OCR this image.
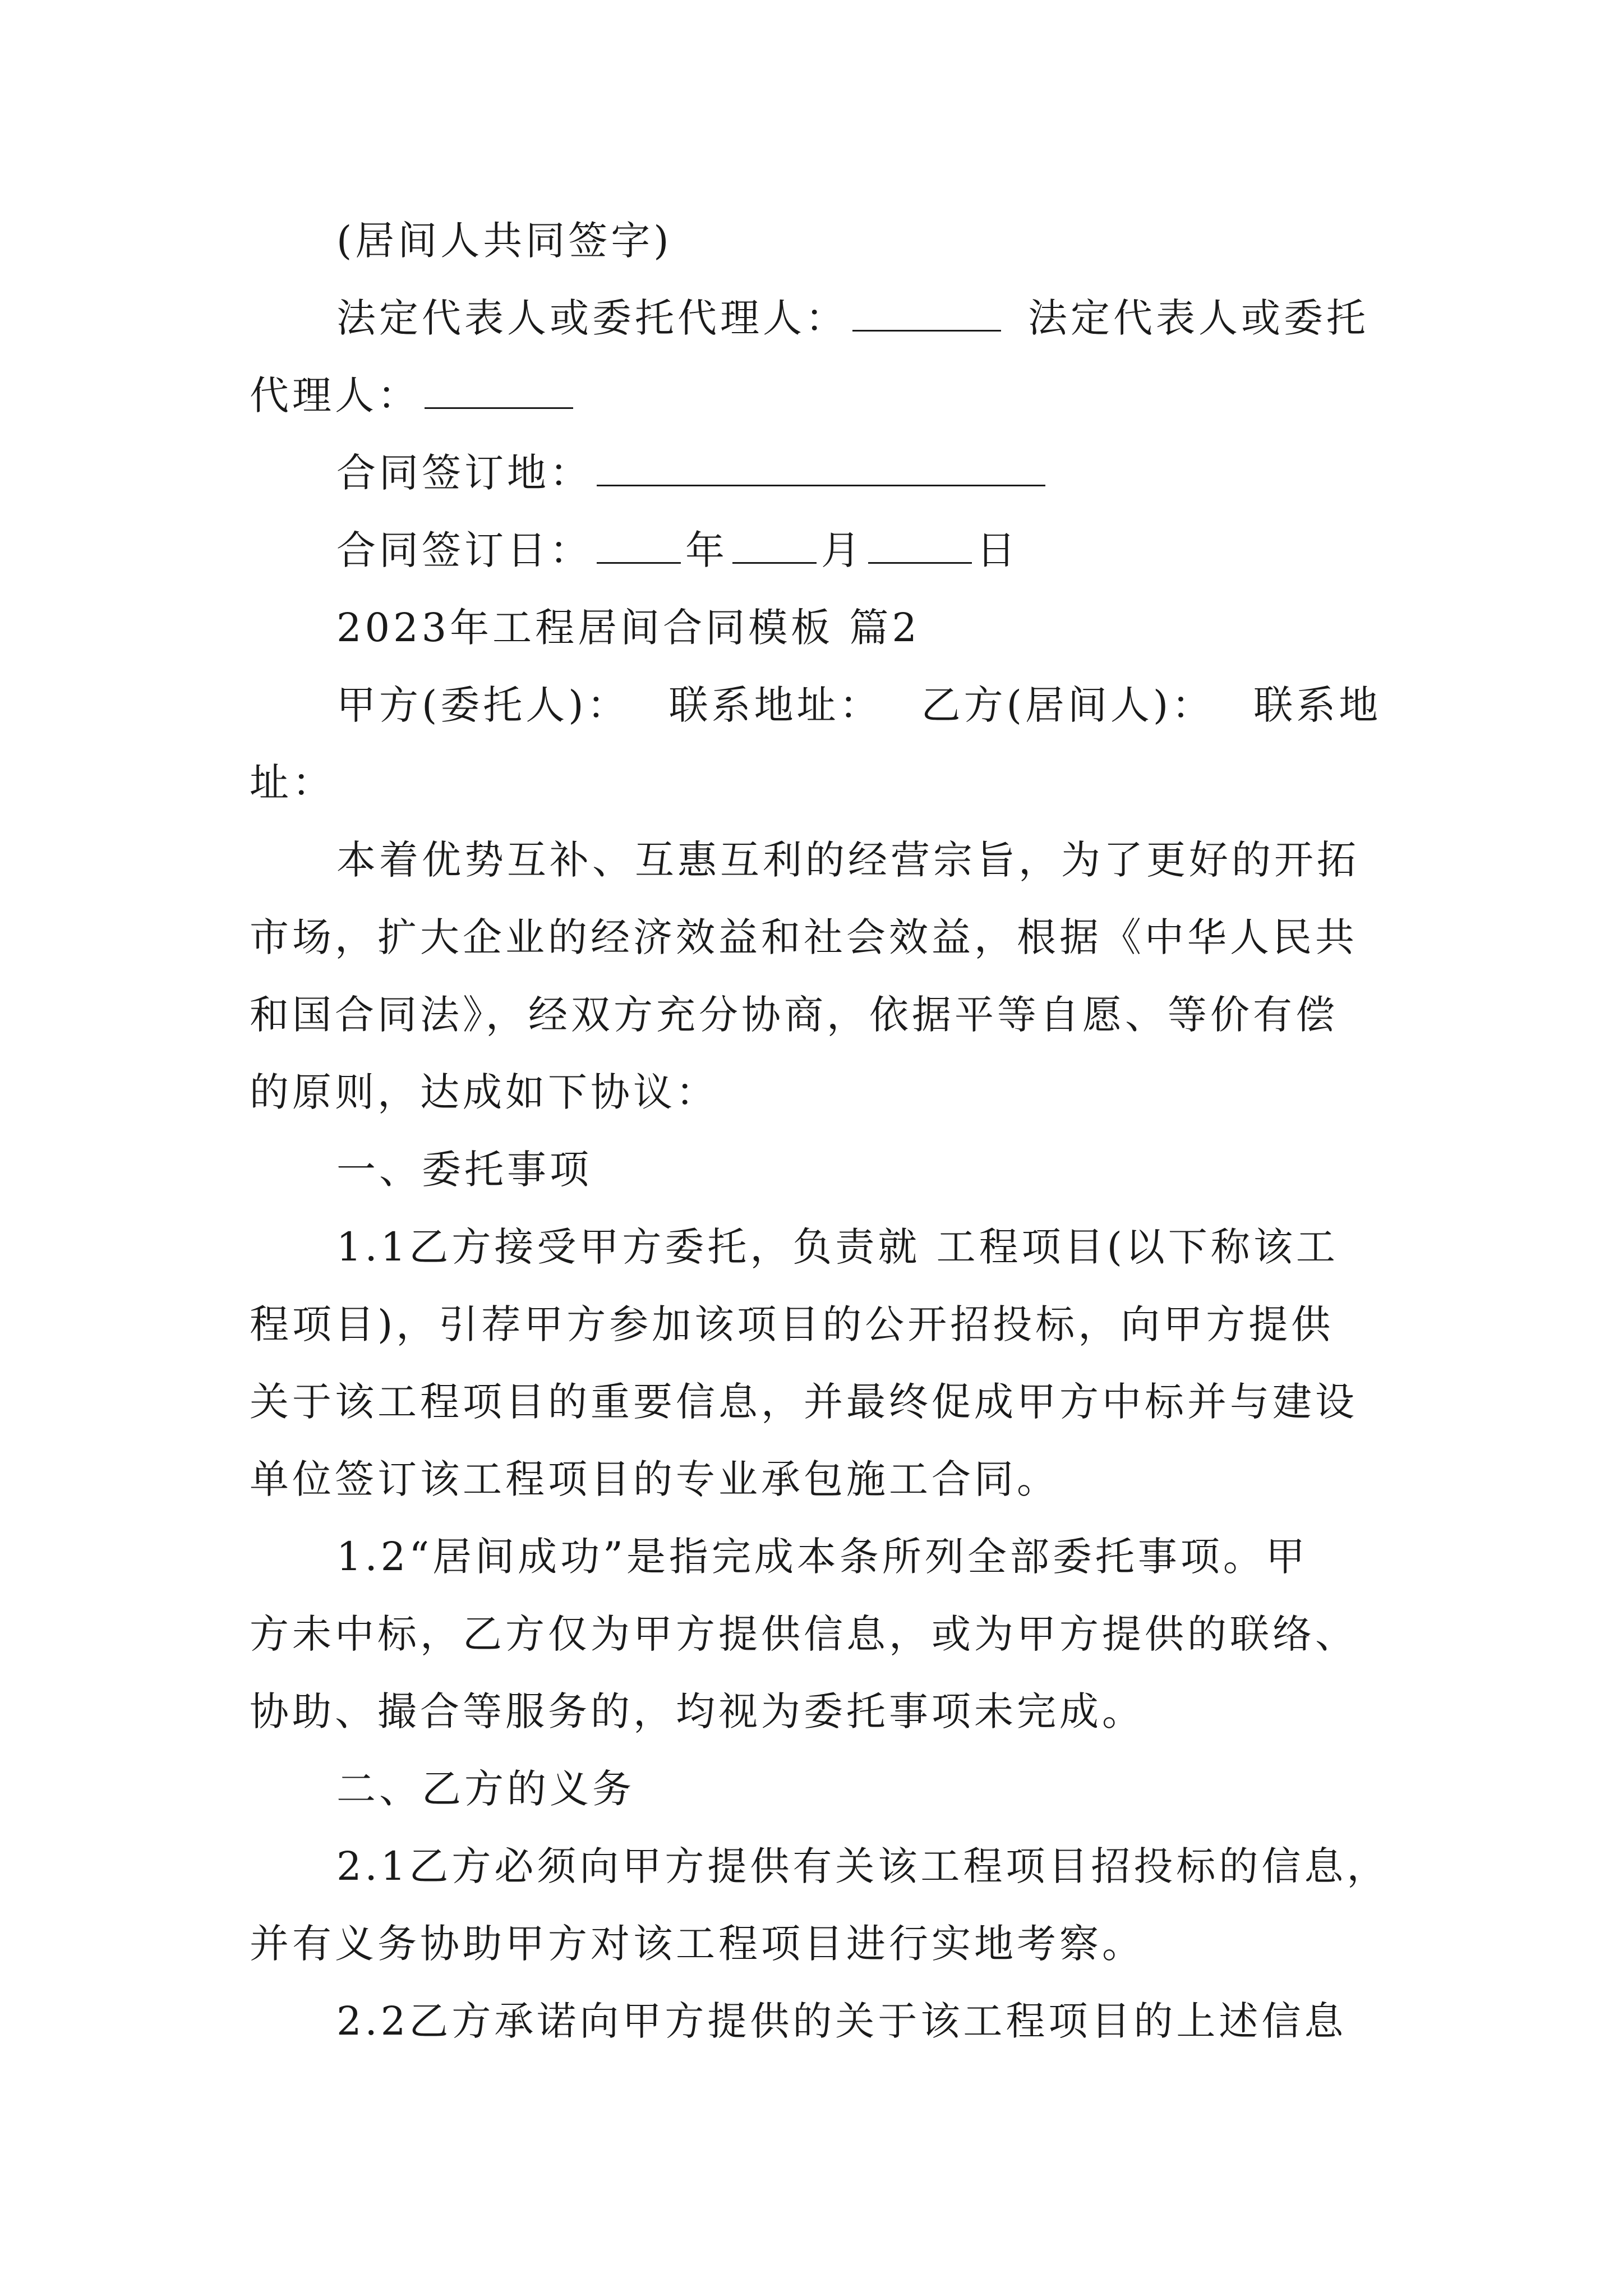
(居间人共同签字)
法定代表人或委托代理人：	法定代表人或委托
代理人：
合同签订地：
合同签订日： 年 月	日
2023年工程居间合同模板 篇2
甲方(委托人)： 联系地址： 乙方(居间人)： 联系地
址：
本着优势互补、互惠互利的经营宗旨，为了更好的开拓
市场，扩大企业的经济效益和社会效益，根据《中华人民共
和国合同法》，经双方充分协商，依据平等自愿、等价有偿
的原则，达成如下协议：
一、委托事项
1.1乙方接受甲方委托，负责就 工程项目(以下称该工
程项目)，引荐甲方参加该项目的公开招投标，向甲方提供
关于该工程项目的重要信息，并最终促成甲方中标并与建设
单位签订该工程项目的专业承包施工合同。
1.2“居间成功”是指完成本条所列全部委托事项。甲
方未中标，乙方仅为甲方提供信息，或为甲方提供的联络、
协助、撮合等服务的，均视为委托事项未完成。
二、乙方的义务
2.1乙方必须向甲方提供有关该工程项目招投标的信息，
并有义务协助甲方对该工程项目进行实地考察。
2.2乙方承诺向甲方提供的关于该工程项目的上述信息
